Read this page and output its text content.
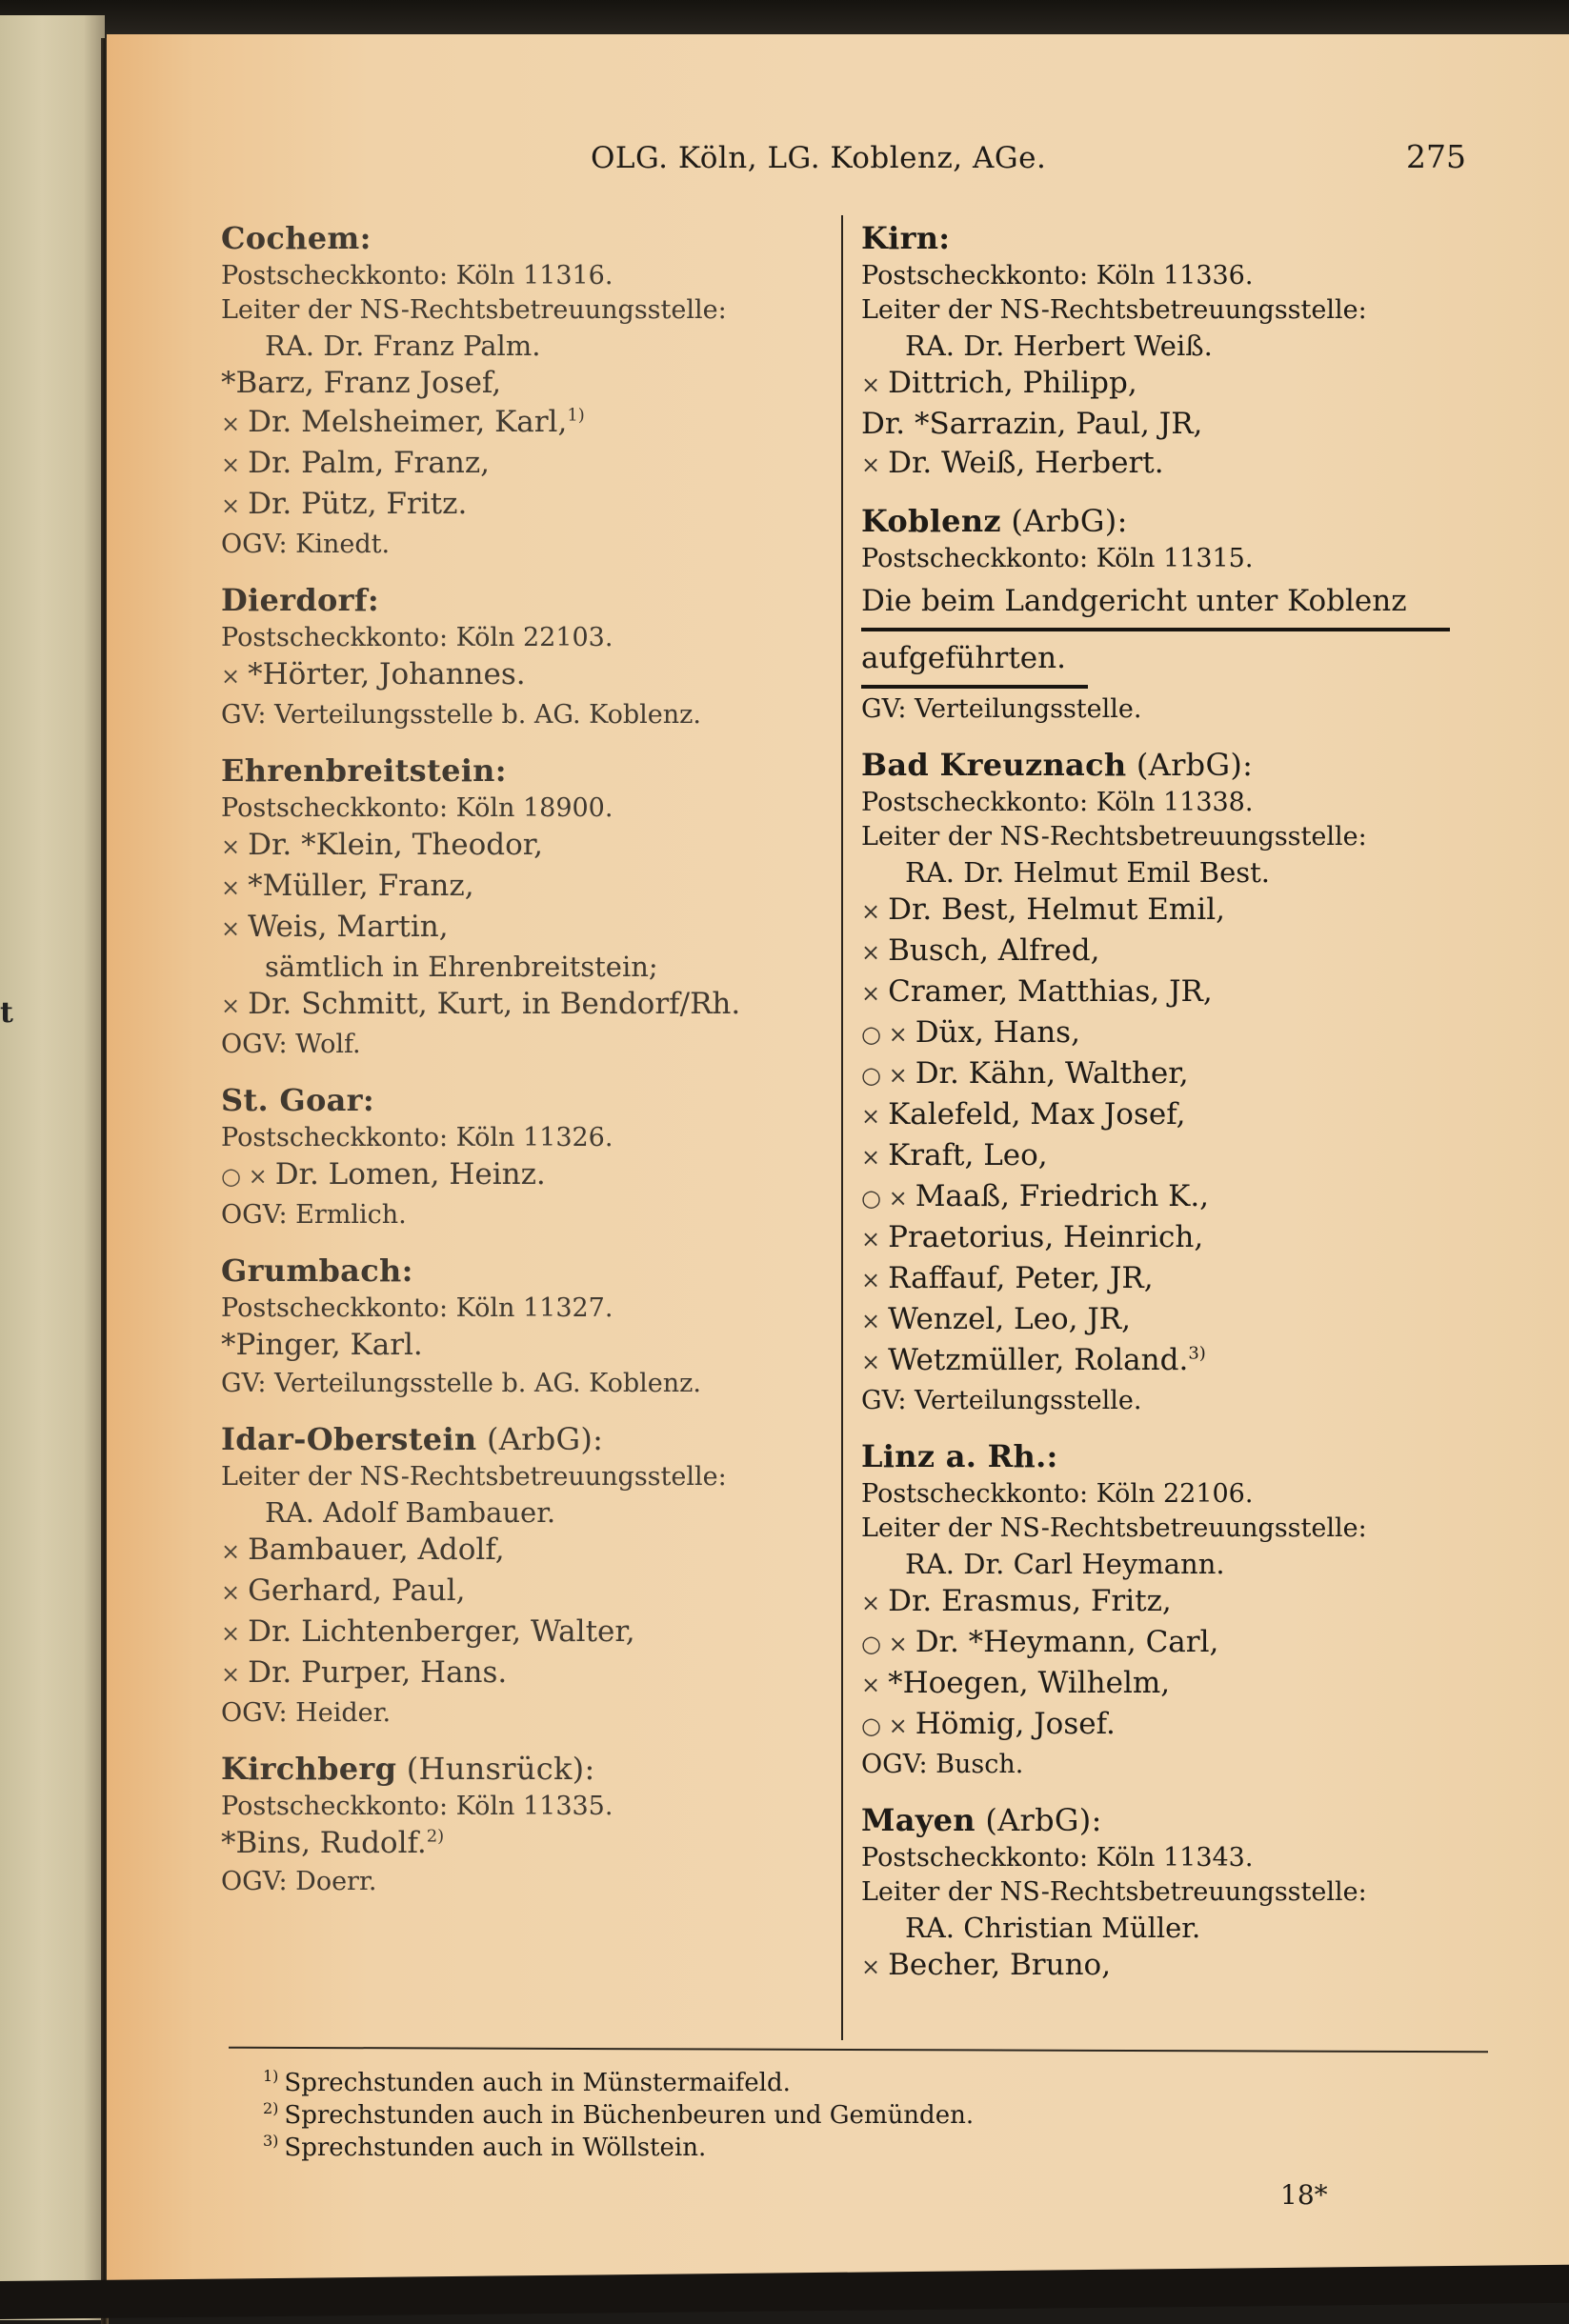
t
OLG. Köln, LG. Koblenz, AGe.	275
Cochem:
Postscheckkonto: Köln 11316.
Leiter der NS-Rechtsbetreuungsstelle:
RA. Dr. Franz Palm.
*Barz, Franz Josef,
× Dr. Melsheimer, Karl,$^{1)}$
× Dr. Palm, Franz,
× Dr. Pütz, Fritz.
OGV: Kinedt.
Dierdorf:
Postscheckkonto: Köln 22103.
× *Hörter, Johannes.
GV: Verteilungsstelle b. AG. Koblenz.
Ehrenbreitstein:
Postscheckkonto: Köln 18900.
× Dr. *Klein, Theodor,
× *Müller, Franz,
× Weis, Martin,
sämtlich in Ehrenbreitstein;
× Dr. Schmitt, Kurt, in Bendorf/Rh.
OGV: Wolf.
St. Goar:
Postscheckkonto: Köln 11326.
○ × Dr. Lomen, Heinz.
OGV: Ermlich.
Grumbach:
Postscheckkonto: Köln 11327.
*Pinger, Karl.
GV: Verteilungsstelle b. AG. Koblenz.
Idar-Oberstein (ArbG):
Leiter der NS-Rechtsbetreuungsstelle:
RA. Adolf Bambauer.
× Bambauer, Adolf,
× Gerhard, Paul,
× Dr. Lichtenberger, Walter,
× Dr. Purper, Hans.
OGV: Heider.
Kirchberg (Hunsrück):
Postscheckkonto: Köln 11335.
*Bins, Rudolf.$^{2)}$
OGV: Doerr.
Kirn:
Postscheckkonto: Köln 11336.
Leiter der NS-Rechtsbetreuungsstelle:
RA. Dr. Herbert Weiß.
× Dittrich, Philipp,
Dr. *Sarrazin, Paul, JR,
× Dr. Weiß, Herbert.
Koblenz (ArbG):
Postscheckkonto: Köln 11315.
Die beim Landgericht unter Koblenz
aufgeführten.
GV: Verteilungsstelle.
Bad Kreuznach (ArbG):
Postscheckkonto: Köln 11338.
Leiter der NS-Rechtsbetreuungsstelle:
RA. Dr. Helmut Emil Best.
× Dr. Best, Helmut Emil,
× Busch, Alfred,
× Cramer, Matthias, JR,
○ × Düx, Hans,
○ × Dr. Kähn, Walther,
× Kalefeld, Max Josef,
× Kraft, Leo,
○ × Maaß, Friedrich K.,
× Praetorius, Heinrich,
× Raffauf, Peter, JR,
× Wenzel, Leo, JR,
× Wetzmüller, Roland.$^{3)}$
GV: Verteilungsstelle.
Linz a. Rh.:
Postscheckkonto: Köln 22106.
Leiter der NS-Rechtsbetreuungsstelle:
RA. Dr. Carl Heymann.
× Dr. Erasmus, Fritz,
○ × Dr. *Heymann, Carl,
× *Hoegen, Wilhelm,
○ × Hömig, Josef.
OGV: Busch.
Mayen (ArbG):
Postscheckkonto: Köln 11343.
Leiter der NS-Rechtsbetreuungsstelle:
RA. Christian Müller.
× Becher, Bruno,
$^{1)}$ Sprechstunden auch in Münstermaifeld.
$^{2)}$ Sprechstunden auch in Büchenbeuren und Gemünden.
$^{3)}$ Sprechstunden auch in Wöllstein.
18*
